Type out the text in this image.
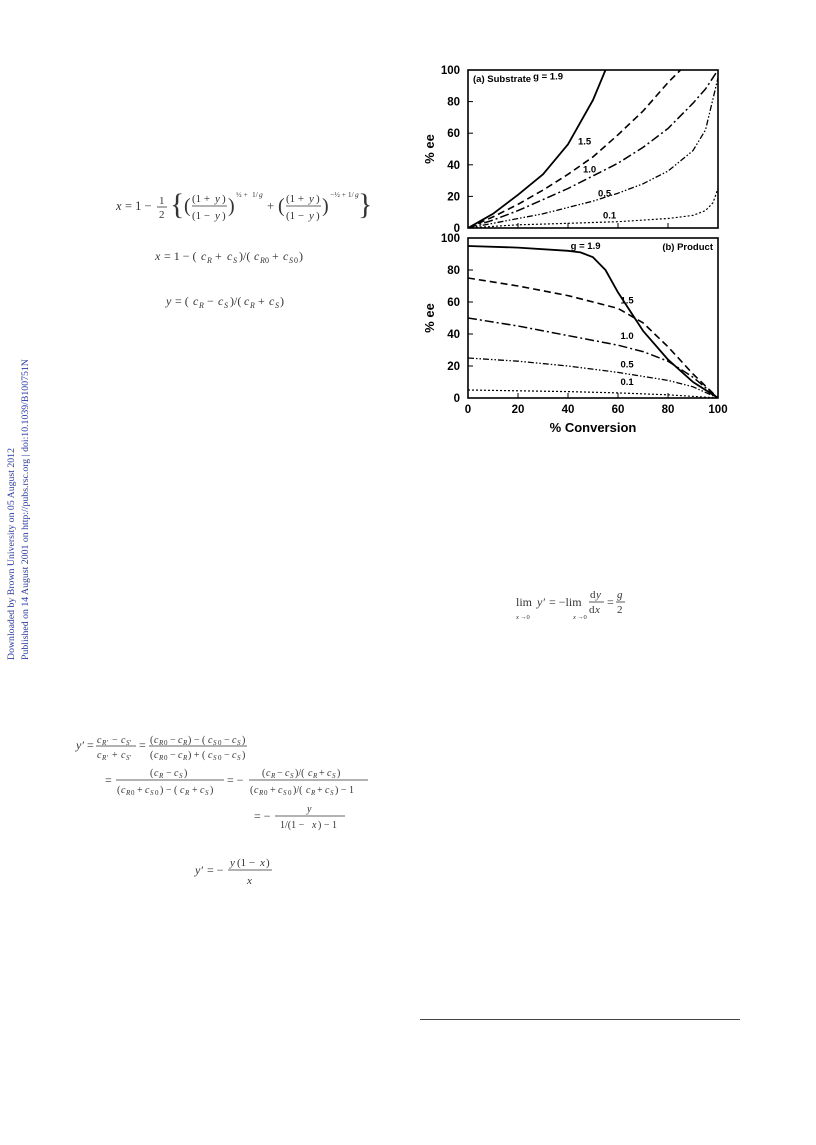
Downloaded by Brown University on 05 August 2012 Published on 14 August 2001 on http://pubs.rsc.org | doi:10.1039/B100751N
x = 1 − 1
2 { ( (1 + y )
(1 − y ) )
½ + 1/ g
+ ( (1 + y )
(1 − y ) )
−½ + 1/ g }
x = 1 − ( c R + c S )/( c R 0 + c S 0 )
y = ( c R − c S )/( c R + c S )
0
20
40
60
80
100
% ee
(a) Substrate g = 1.9
1.5
1.0
0.5
0.1
0
20
40
60
80
100
0	20	40	60	80	100
% ee
% Conversion
(b) Product
g = 1.9
1.5
1.0
0.5
0.1
lim
x →0
y′ = −lim
x →0
d y
d x
= g
2
y′ = c R′ − c S′
c R′ + c S′
= ( c R 0 − c R ) − ( c S 0 − c S )
( c R 0 − c R ) + ( c S 0 − c S )
=	( c R − c S )
( c R 0 + c S 0 ) − ( c R + c S )
= − ( c R − c S )/( c R + c S )
( c R 0 + c S 0 )/( c R + c S ) − 1
= −	y
1/(1 − x ) − 1
y′ = − y (1 − x )
x
